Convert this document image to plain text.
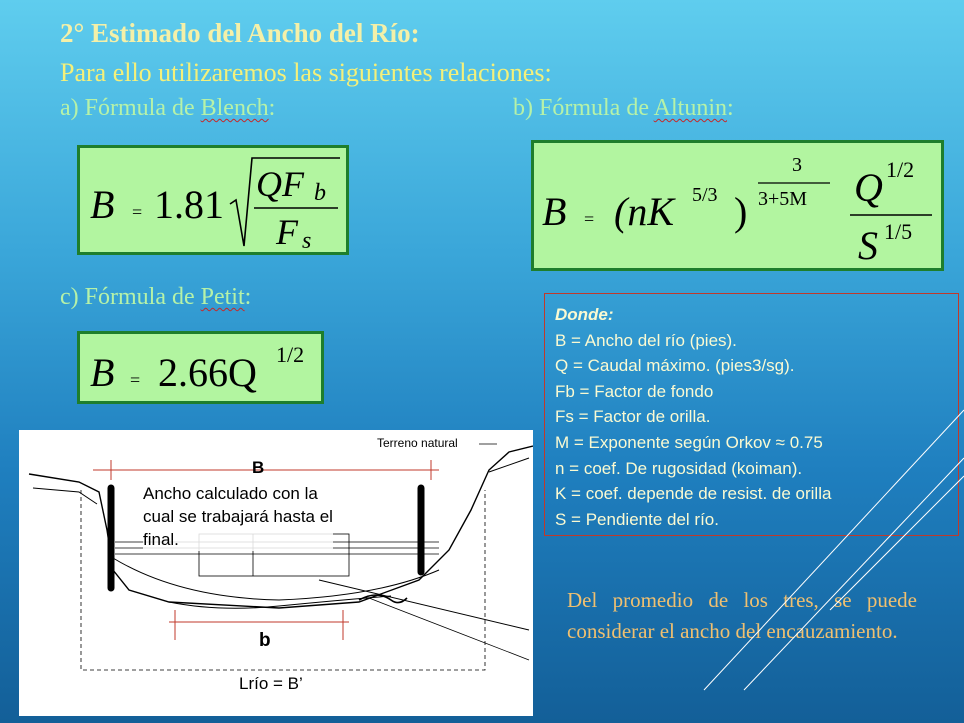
2° Estimado del Ancho del Río:
Para ello utilizaremos las siguientes relaciones:
a) Fórmula de Blench:	b) Fórmula de Altunin:
c) Fórmula de Petit:
B = 1.81 QF b
F s
B = (nK 5/3 )
3
3+5M Q 1/2
S 1/5
B = 2.66Q 1/2
Donde:
B = Ancho del río (pies).
Q = Caudal máximo. (pies3/sg).
Fb = Factor de fondo
Fs = Factor de orilla.
M = Exponente según Orkov ≈ 0.75
n = coef. De rugosidad (koiman).
K = coef. depende de resist. de orilla
S = Pendiente del río.
Terreno natural
B
Ancho calculado con la
cual se trabajará hasta el
final.
b
Lrío = B’
Del promedio de los tres, se puede considerar el ancho del encauzamiento.
